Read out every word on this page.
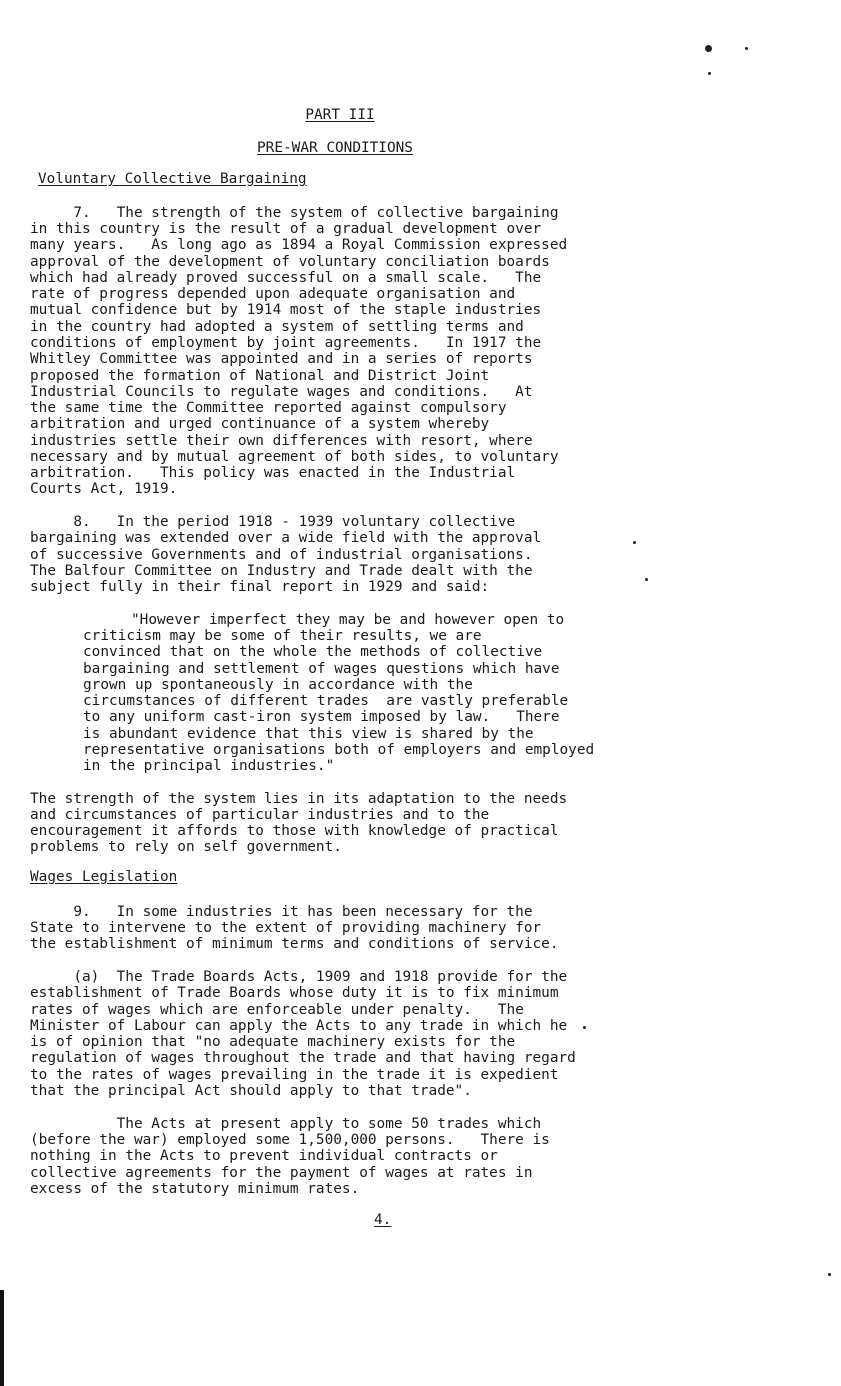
PART III
PRE-WAR CONDITIONS
Voluntary Collective Bargaining
7.   The strength of the system of collective bargaining
in this country is the result of a gradual development over
many years.   As long ago as 1894 a Royal Commission expressed
approval of the development of voluntary conciliation boards
which had already proved successful on a small scale.   The
rate of progress depended upon adequate organisation and
mutual confidence but by 1914 most of the staple industries
in the country had adopted a system of settling terms and
conditions of employment by joint agreements.   In 1917 the
Whitley Committee was appointed and in a series of reports
proposed the formation of National and District Joint
Industrial Councils to regulate wages and conditions.   At
the same time the Committee reported against compulsory
arbitration and urged continuance of a system whereby
industries settle their own differences with resort, where
necessary and by mutual agreement of both sides, to voluntary
arbitration.   This policy was enacted in the Industrial
Courts Act, 1919.
8.   In the period 1918 - 1939 voluntary collective
bargaining was extended over a wide field with the approval
of successive Governments and of industrial organisations.
The Balfour Committee on Industry and Trade dealt with the
subject fully in their final report in 1929 and said:
"However imperfect they may be and however open to
criticism may be some of their results, we are
convinced that on the whole the methods of collective
bargaining and settlement of wages questions which have
grown up spontaneously in accordance with the
circumstances of different trades  are vastly preferable
to any uniform cast-iron system imposed by law.   There
is abundant evidence that this view is shared by the
representative organisations both of employers and employed
in the principal industries."
The strength of the system lies in its adaptation to the needs
and circumstances of particular industries and to the
encouragement it affords to those with knowledge of practical
problems to rely on self government.
Wages Legislation
9.   In some industries it has been necessary for the
State to intervene to the extent of providing machinery for
the establishment of minimum terms and conditions of service.
(a)  The Trade Boards Acts, 1909 and 1918 provide for the
establishment of Trade Boards whose duty it is to fix minimum
rates of wages which are enforceable under penalty.   The
Minister of Labour can apply the Acts to any trade in which he
is of opinion that "no adequate machinery exists for the
regulation of wages throughout the trade and that having regard
to the rates of wages prevailing in the trade it is expedient
that the principal Act should apply to that trade".
The Acts at present apply to some 50 trades which
(before the war) employed some 1,500,000 persons.   There is
nothing in the Acts to prevent individual contracts or
collective agreements for the payment of wages at rates in
excess of the statutory minimum rates.
4.
